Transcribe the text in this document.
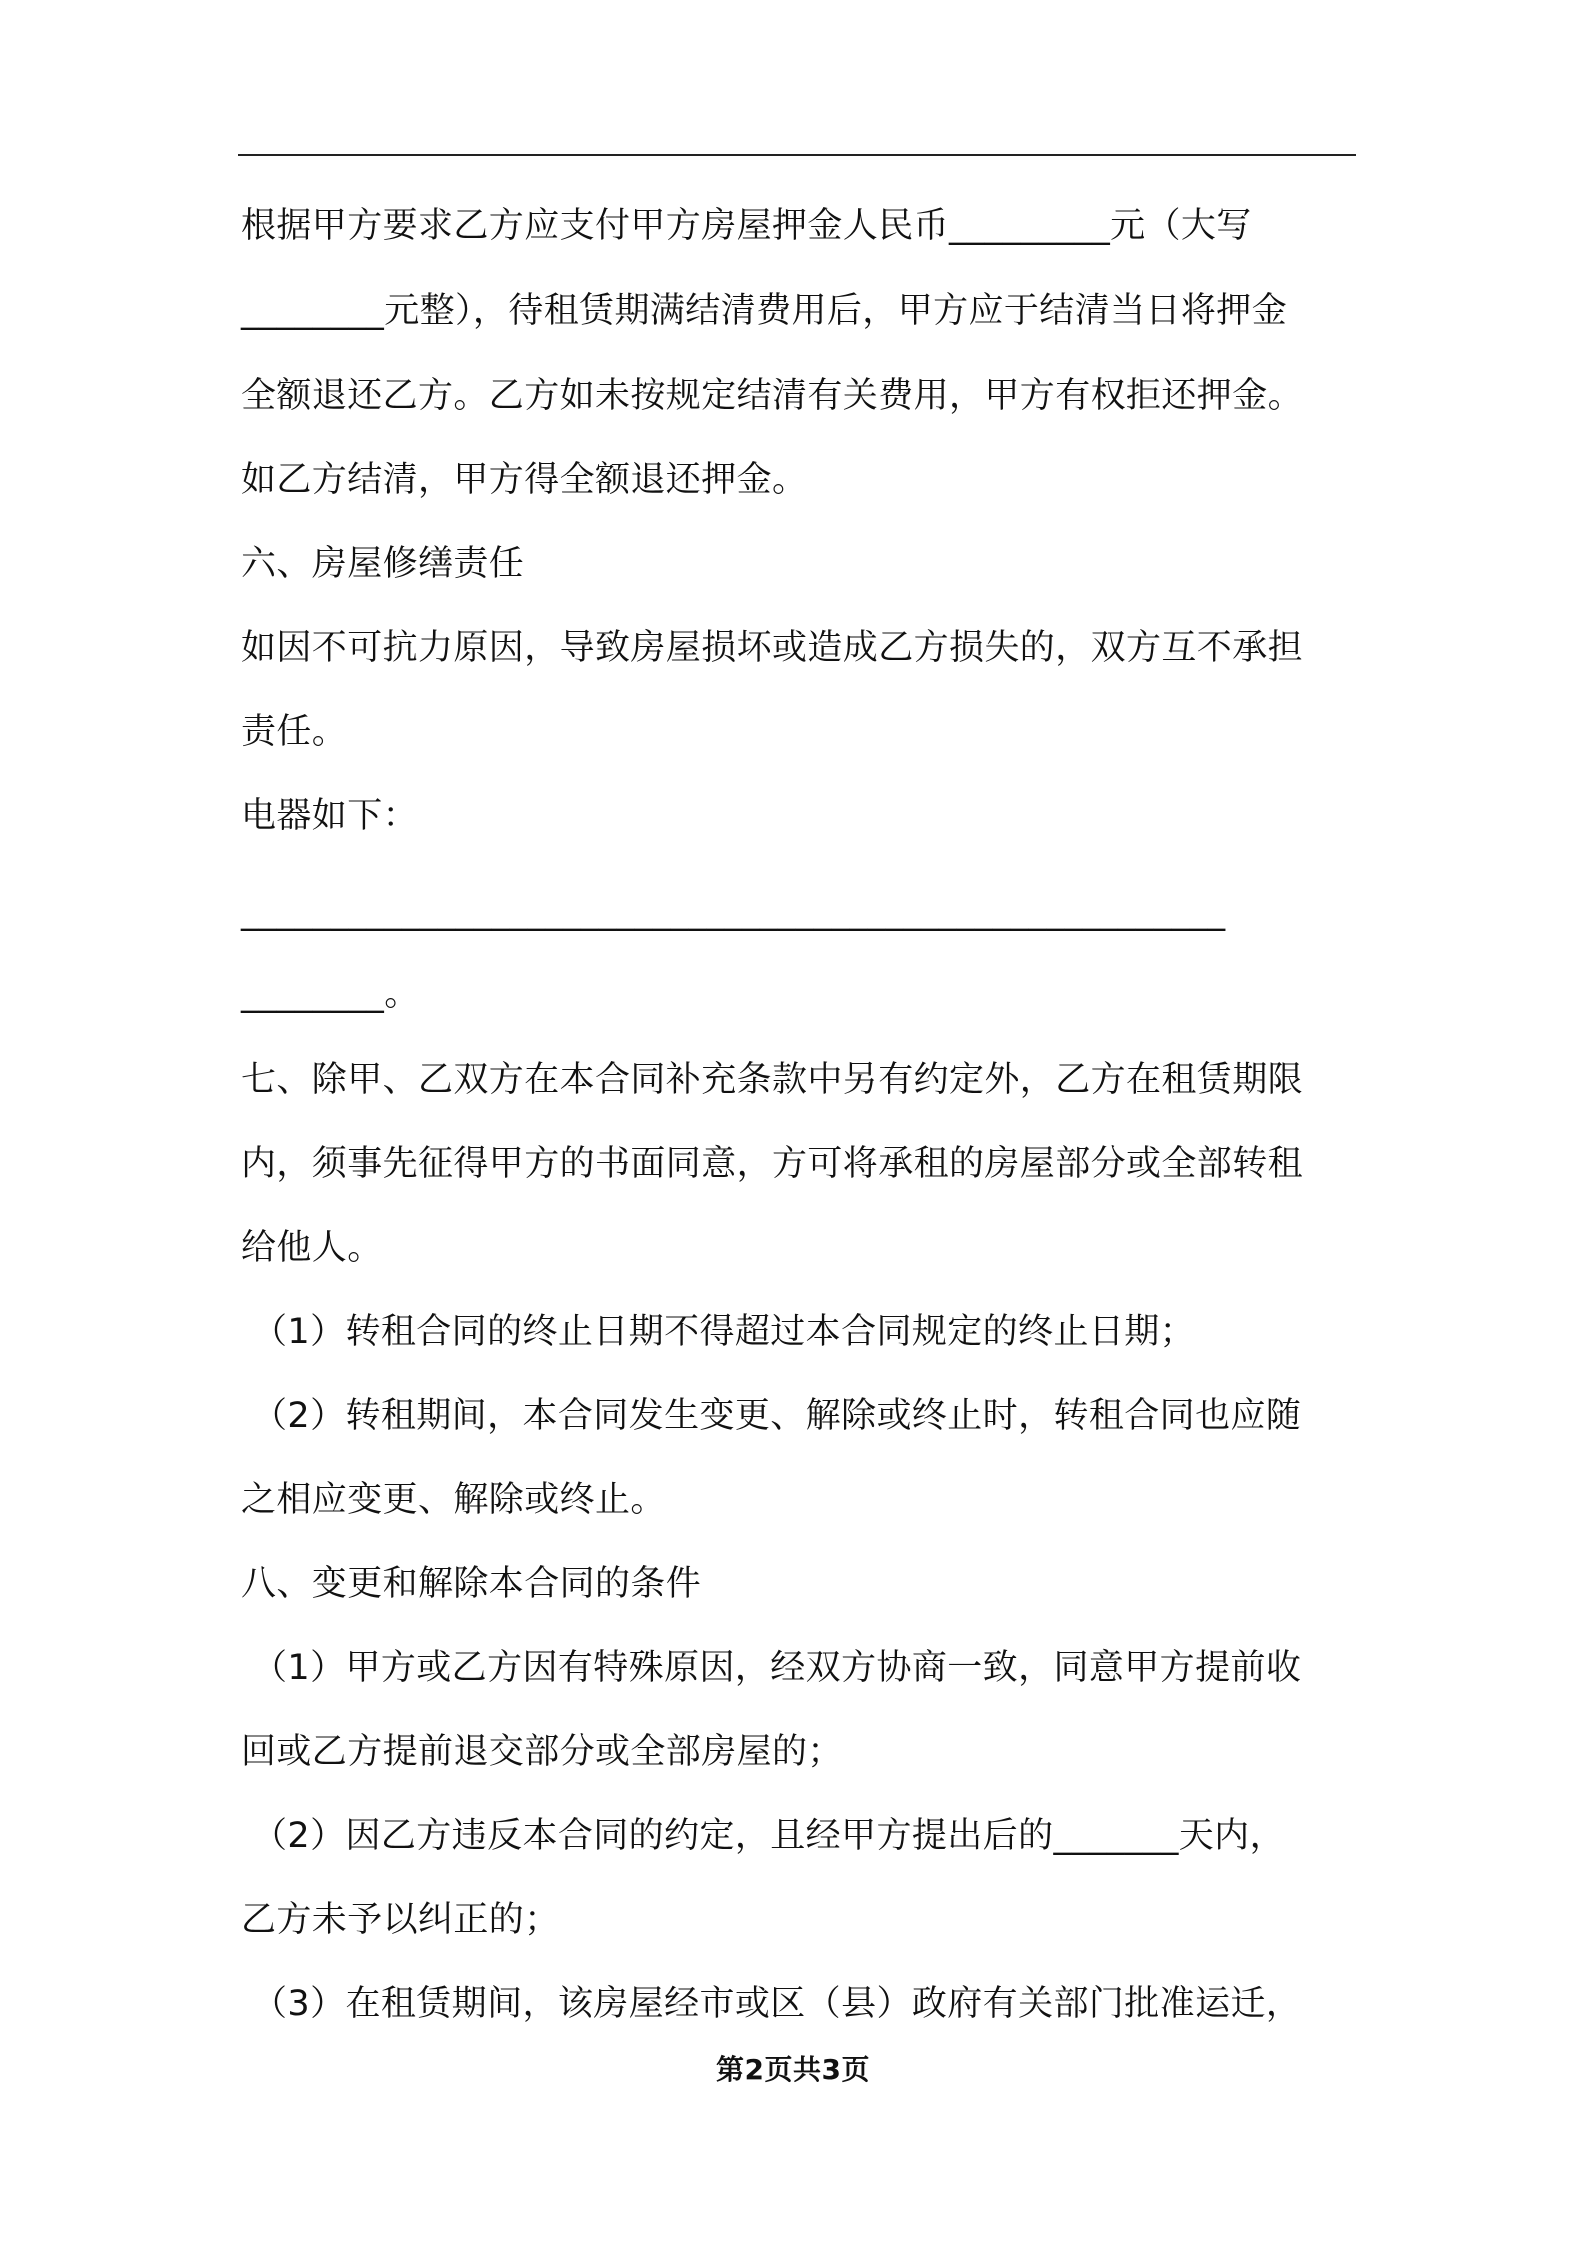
根据甲方要求乙方应支付甲方房屋押金人民币_________元（大写
________元整），待租赁期满结清费用后，甲方应于结清当日将押金
全额退还乙方。乙方如未按规定结清有关费用，甲方有权拒还押金。
如乙方结清，甲方得全额退还押金。
六、房屋修缮责任
如因不可抗力原因，导致房屋损坏或造成乙方损失的，双方互不承担
责任。
电器如下：
_______________________________________________________
________。
七、除甲、乙双方在本合同补充条款中另有约定外，乙方在租赁期限
内，须事先征得甲方的书面同意，方可将承租的房屋部分或全部转租
给他人。
（1）转租合同的终止日期不得超过本合同规定的终止日期；
（2）转租期间，本合同发生变更、解除或终止时，转租合同也应随
之相应变更、解除或终止。
八、变更和解除本合同的条件
（1）甲方或乙方因有特殊原因，经双方协商一致，同意甲方提前收
回或乙方提前退交部分或全部房屋的；
（2）因乙方违反本合同的约定，且经甲方提出后的_______天内，
乙方未予以纠正的；
（3）在租赁期间，该房屋经市或区（县）政府有关部门批准运迁，
第2页共3页
